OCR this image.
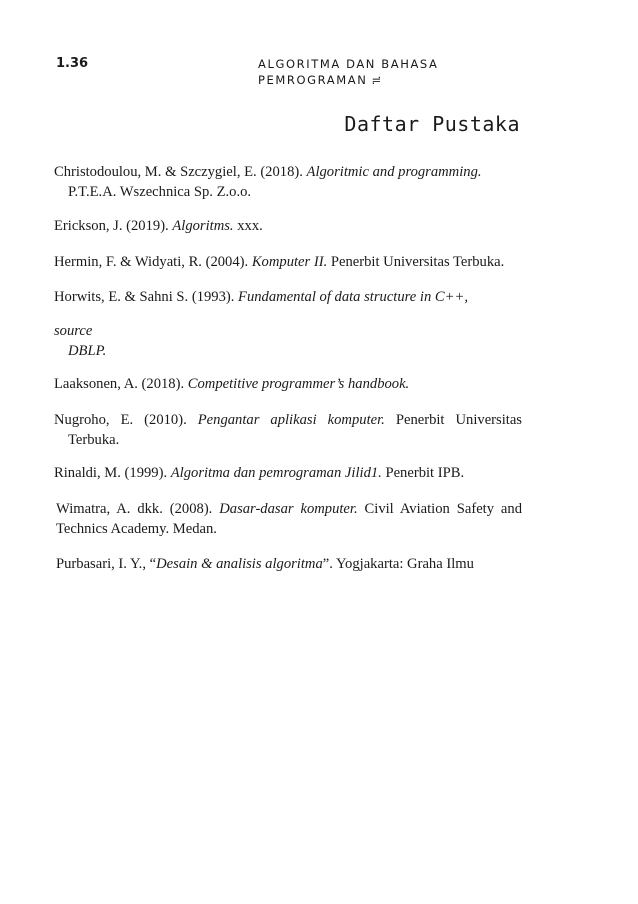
1.36	ALGORITMA DAN BAHASA
PEMROGRAMAN ≓
Daftar Pustaka
Christodoulou, M. & Szczygiel, E. (2018). Algoritmic and programming.
P.T.E.A. Wszechnica Sp. Z.o.o.
Erickson, J. (2019). Algoritms. xxx.
Hermin, F. & Widyati, R. (2004). Komputer II. Penerbit Universitas Terbuka.
Horwits, E. & Sahni S. (1993). Fundamental of data structure in C++,
source
DBLP.
Laaksonen, A. (2018). Competitive programmer’s handbook.
Nugroho, E. (2010). Pengantar aplikasi komputer. Penerbit Universitas
Terbuka.
Rinaldi, M. (1999). Algoritma dan pemrograman Jilid1. Penerbit IPB.
Wimatra, A. dkk. (2008). Dasar-dasar komputer. Civil Aviation Safety and
Technics Academy. Medan.
Purbasari, I. Y., “Desain & analisis algoritma”. Yogjakarta: Graha Ilmu
